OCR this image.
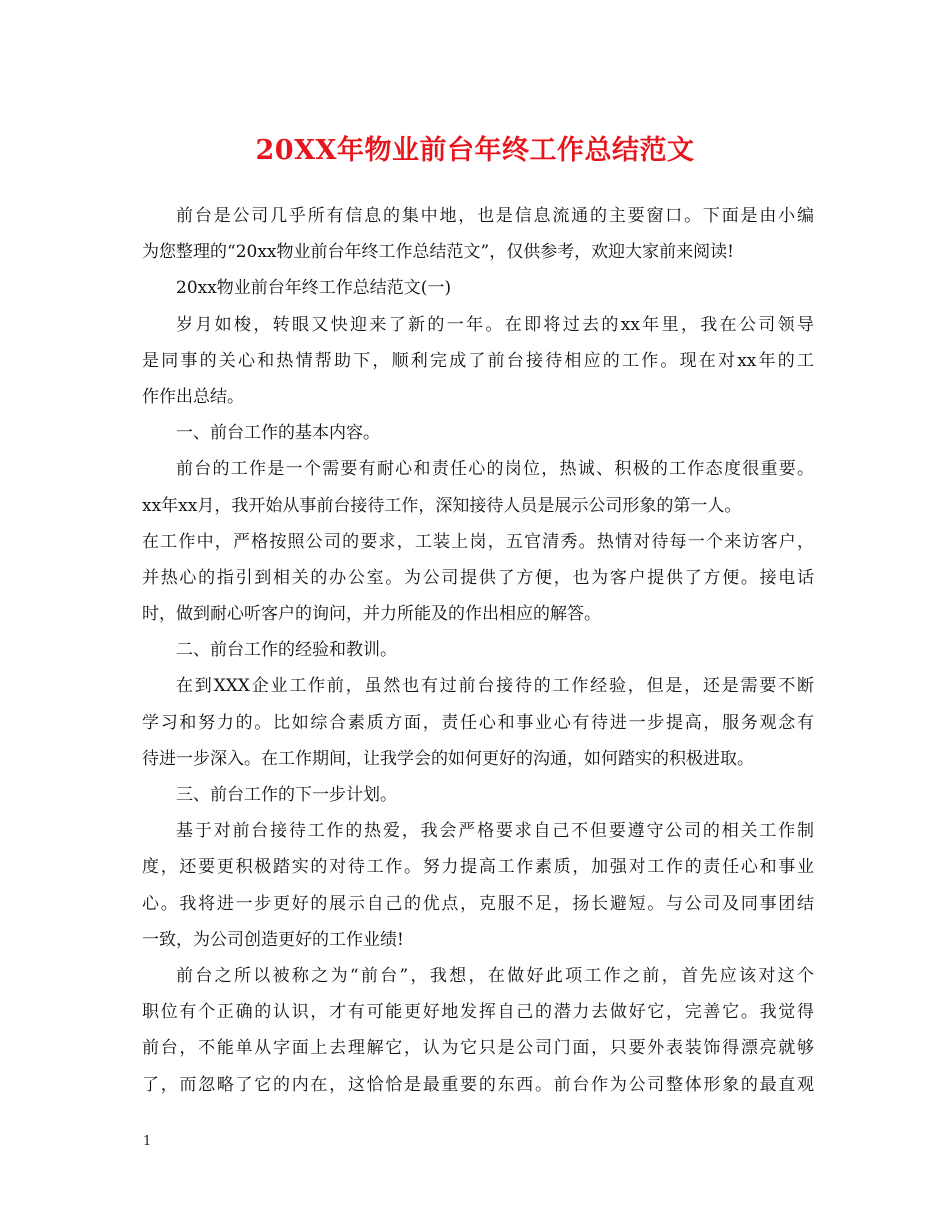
20XX年物业前台年终工作总结范文
前台是公司几乎所有信息的集中地，也是信息流通的主要窗口。下面是由小编
为您整理的“20xx物业前台年终工作总结范文”，仅供参考，欢迎大家前来阅读!
20xx物业前台年终工作总结范文(一)
岁月如梭，转眼又快迎来了新的一年。在即将过去的xx年里，我在公司领导
是同事的关心和热情帮助下，顺利完成了前台接待相应的工作。现在对xx年的工
作作出总结。
一、前台工作的基本内容。
前台的工作是一个需要有耐心和责任心的岗位，热诚、积极的工作态度很重要。
xx年xx月，我开始从事前台接待工作，深知接待人员是展示公司形象的第一人。
在工作中，严格按照公司的要求，工装上岗，五官清秀。热情对待每一个来访客户，
并热心的指引到相关的办公室。为公司提供了方便，也为客户提供了方便。接电话
时，做到耐心听客户的询问，并力所能及的作出相应的解答。
二、前台工作的经验和教训。
在到XXX企业工作前，虽然也有过前台接待的工作经验，但是，还是需要不断
学习和努力的。比如综合素质方面，责任心和事业心有待进一步提高，服务观念有
待进一步深入。在工作期间，让我学会的如何更好的沟通，如何踏实的积极进取。
三、前台工作的下一步计划。
基于对前台接待工作的热爱，我会严格要求自己不但要遵守公司的相关工作制
度，还要更积极踏实的对待工作。努力提高工作素质，加强对工作的责任心和事业
心。我将进一步更好的展示自己的优点，克服不足，扬长避短。与公司及同事团结
一致，为公司创造更好的工作业绩!
前台之所以被称之为“前台”，我想，在做好此项工作之前，首先应该对这个
职位有个正确的认识，才有可能更好地发挥自己的潜力去做好它，完善它。我觉得
前台，不能单从字面上去理解它，认为它只是公司门面，只要外表装饰得漂亮就够
了，而忽略了它的内在，这恰恰是最重要的东西。前台作为公司整体形象的最直观
1
